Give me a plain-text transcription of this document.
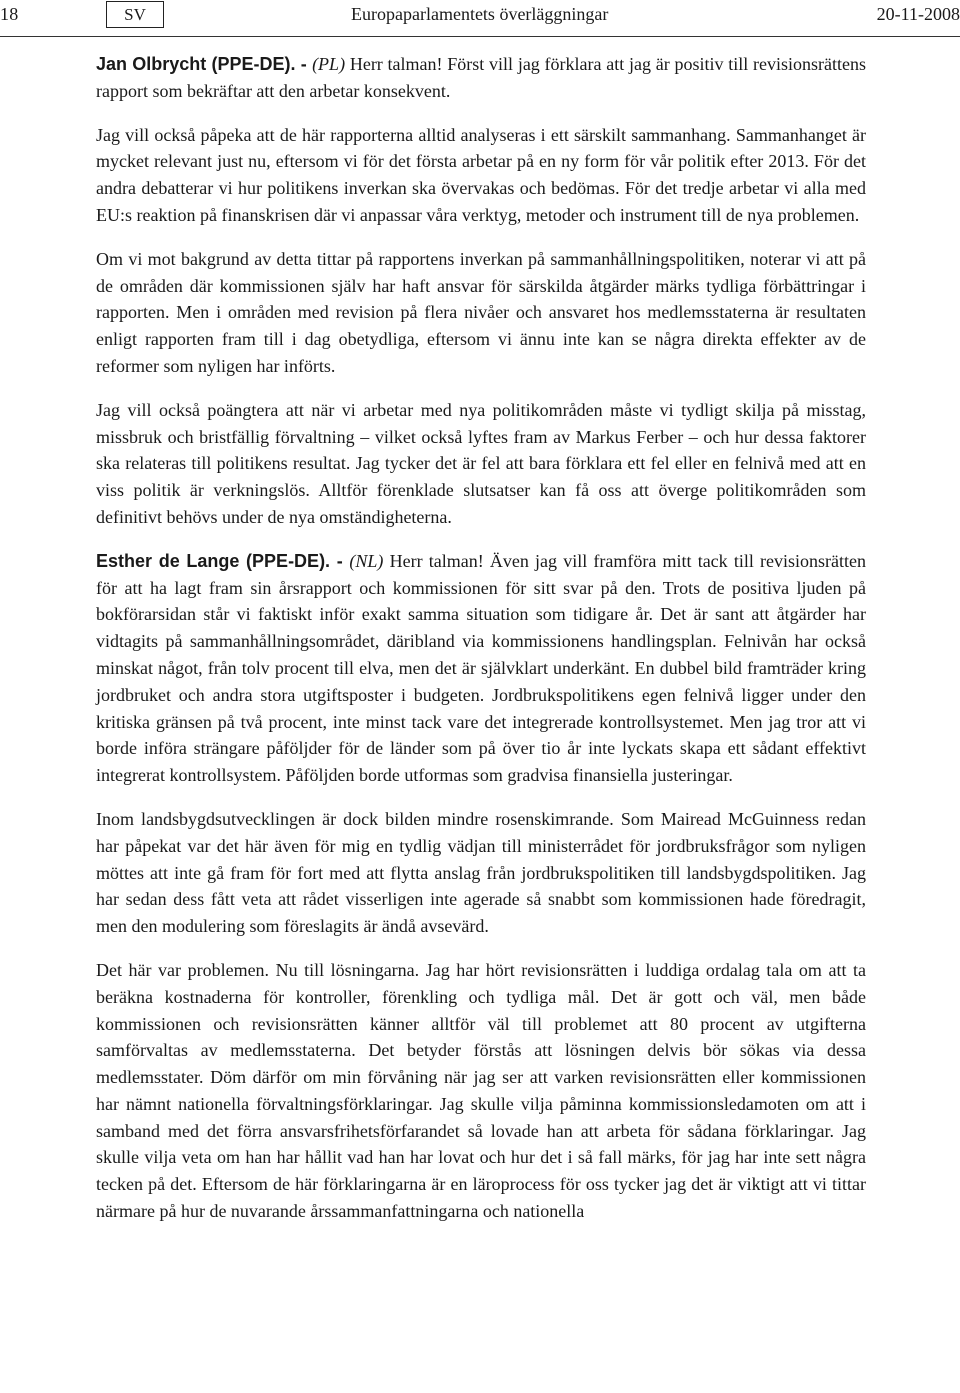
18	SV	Europaparlamentets överläggningar	20-11-2008

Jan Olbrycht (PPE-DE). - (PL) Herr talman! Först vill jag förklara att jag är positiv till revisionsrättens rapport som bekräftar att den arbetar konsekvent.

Jag vill också påpeka att de här rapporterna alltid analyseras i ett särskilt sammanhang. Sammanhanget är mycket relevant just nu, eftersom vi för det första arbetar på en ny form för vår politik efter 2013. För det andra debatterar vi hur politikens inverkan ska övervakas och bedömas. För det tredje arbetar vi alla med EU:s reaktion på finanskrisen där vi anpassar våra verktyg, metoder och instrument till de nya problemen.

Om vi mot bakgrund av detta tittar på rapportens inverkan på sammanhållningspolitiken, noterar vi att på de områden där kommissionen själv har haft ansvar för särskilda åtgärder märks tydliga förbättringar i rapporten. Men i områden med revision på flera nivåer och ansvaret hos medlemsstaterna är resultaten enligt rapporten fram till i dag obetydliga, eftersom vi ännu inte kan se några direkta effekter av de reformer som nyligen har införts.

Jag vill också poängtera att när vi arbetar med nya politikområden måste vi tydligt skilja på misstag, missbruk och bristfällig förvaltning – vilket också lyftes fram av Markus Ferber – och hur dessa faktorer ska relateras till politikens resultat. Jag tycker det är fel att bara förklara ett fel eller en felnivå med att en viss politik är verkningslös. Alltför förenklade slutsatser kan få oss att överge politikområden som definitivt behövs under de nya omständigheterna.

Esther de Lange (PPE-DE). - (NL) Herr talman! Även jag vill framföra mitt tack till revisionsrätten för att ha lagt fram sin årsrapport och kommissionen för sitt svar på den. Trots de positiva ljuden på bokförarsidan står vi faktiskt inför exakt samma situation som tidigare år. Det är sant att åtgärder har vidtagits på sammanhållningsområdet, däribland via kommissionens handlingsplan. Felnivån har också minskat något, från tolv procent till elva, men det är självklart underkänt. En dubbel bild framträder kring jordbruket och andra stora utgiftsposter i budgeten. Jordbrukspolitikens egen felnivå ligger under den kritiska gränsen på två procent, inte minst tack vare det integrerade kontrollsystemet. Men jag tror att vi borde införa strängare påföljder för de länder som på över tio år inte lyckats skapa ett sådant effektivt integrerat kontrollsystem. Påföljden borde utformas som gradvisa finansiella justeringar.

Inom landsbygdsutvecklingen är dock bilden mindre rosenskimrande. Som Mairead McGuinness redan har påpekat var det här även för mig en tydlig vädjan till ministerrådet för jordbruksfrågor som nyligen möttes att inte gå fram för fort med att flytta anslag från jordbrukspolitiken till landsbygdspolitiken. Jag har sedan dess fått veta att rådet visserligen inte agerade så snabbt som kommissionen hade föredragit, men den modulering som föreslagits är ändå avsevärd.

Det här var problemen. Nu till lösningarna. Jag har hört revisionsrätten i luddiga ordalag tala om att ta beräkna kostnaderna för kontroller, förenkling och tydliga mål. Det är gott och väl, men både kommissionen och revisionsrätten känner alltför väl till problemet att 80 procent av utgifterna samförvaltas av medlemsstaterna. Det betyder förstås att lösningen delvis bör sökas via dessa medlemsstater. Döm därför om min förvåning när jag ser att varken revisionsrätten eller kommissionen har nämnt nationella förvaltningsförklaringar. Jag skulle vilja påminna kommissionsledamoten om att i samband med det förra ansvarsfrihetsförfarandet så lovade han att arbeta för sådana förklaringar. Jag skulle vilja veta om han har hållit vad han har lovat och hur det i så fall märks, för jag har inte sett några tecken på det. Eftersom de här förklaringarna är en läroprocess för oss tycker jag det är viktigt att vi tittar närmare på hur de nuvarande årssammanfattningarna och nationella
